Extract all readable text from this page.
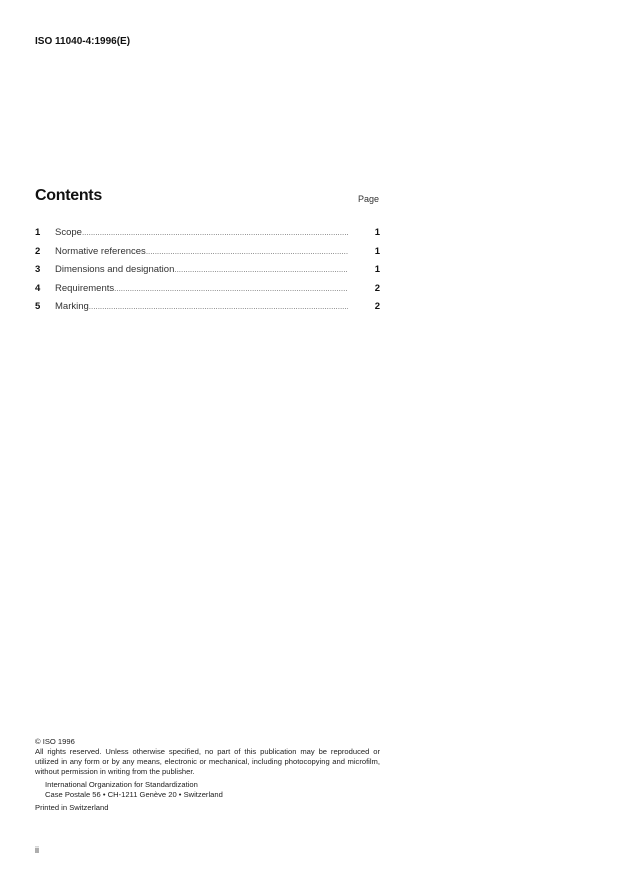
ISO 11040-4:1996(E)
Contents	Page
1	Scope .....	1
2	Normative references .....	1
3	Dimensions and designation .....	1
4	Requirements .....	2
5	Marking .....	2
© ISO 1996
All rights reserved. Unless otherwise specified, no part of this publication may be reproduced or utilized in any form or by any means, electronic or mechanical, including photocopying and microfilm, without permission in writing from the publisher.
International Organization for Standardization
Case Postale 56 • CH-1211 Genève 20 • Switzerland
Printed in Switzerland
ii
